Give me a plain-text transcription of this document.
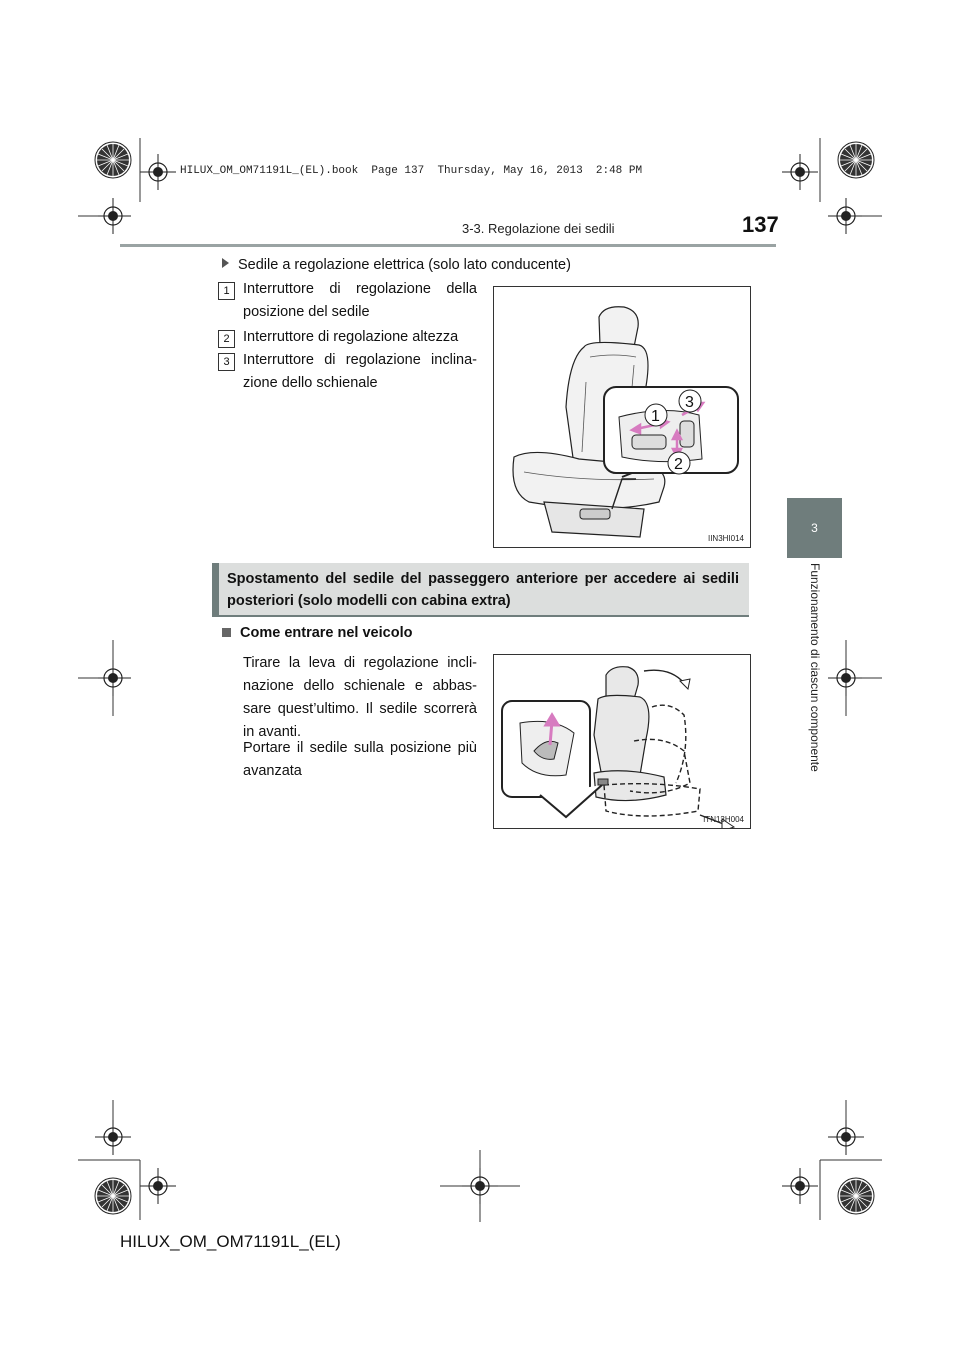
HILUX_OM_OM71191L_(EL).book  Page 137  Thursday, May 16, 2013  2:48 PM
3-3. Regolazione dei sedili	137
3
Funzionamento di ciascun componente
Sedile a regolazione elettrica (solo lato conducente)
1 Interruttore di regolazione della posizione del sedile
2 Interruttore di regolazione altezza
3 Interruttore di regolazione inclina-zione dello schienale
1
3
2
IIN3HI014
Spostamento del sedile del passeggero anteriore per accedere ai sedili posteriori (solo modelli con cabina extra)
Come entrare nel veicolo
Tirare la leva di regolazione incli-nazione dello schienale e abbas-sare quest’ultimo. Il sedile scorrerà in avanti.
Portare il sedile sulla posizione più avanzata
ITN13H004
HILUX_OM_OM71191L_(EL)
